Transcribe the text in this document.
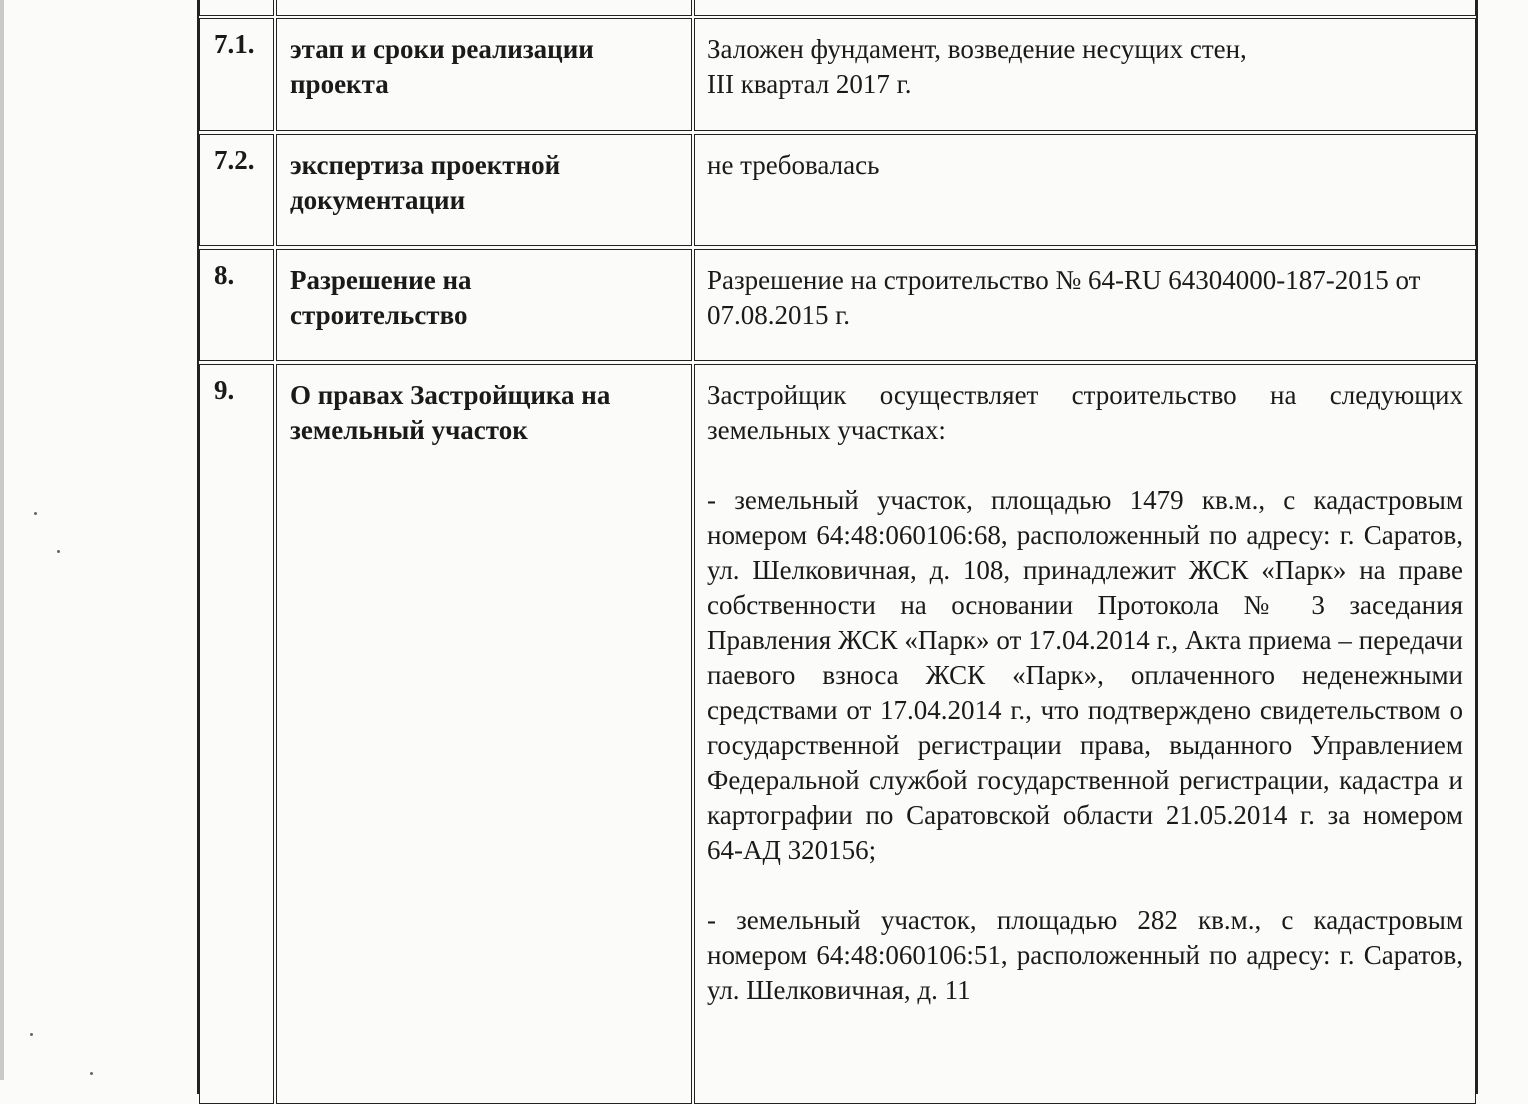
7.1. этап и сроки реализации проекта
Заложен фундамент, возведение несущих стен,
III квартал 2017 г.
7.2. экспертиза проектной документации
не требовалась
8. Разрешение на строительство
Разрешение на строительство № 64-RU 64304000-187-2015 от 07.08.2015 г.
9. О правах Застройщика на земельный участок

Застройщик осуществляет строительство на следующих земельных участках:

- земельный участок, площадью 1479 кв.м., с кадастровым номером 64:48:060106:68, расположенный по адресу: г. Саратов, ул. Шелковичная, д. 108, принадлежит ЖСК «Парк» на праве собственности на основании Протокола № 3 заседания Правления ЖСК «Парк» от 17.04.2014 г., Акта приема – передачи паевого взноса ЖСК «Парк», оплаченного неденежными средствами от 17.04.2014 г., что подтверждено свидетельством о государственной регистрации права, выданного Управлением Федеральной службой государственной регистрации, кадастра и картографии по Саратовской области 21.05.2014 г. за номером 64-АД 320156;

- земельный участок, площадью 282 кв.м., с кадастровым номером 64:48:060106:51, расположенный по адресу: г. Саратов, ул. Шелковичная, д. 11
